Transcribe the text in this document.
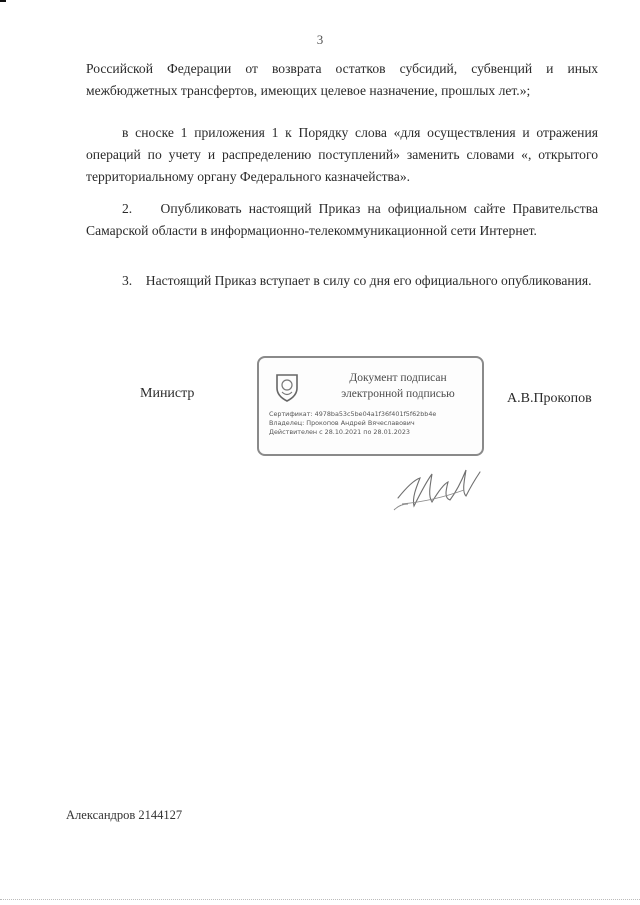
3
Российской Федерации от возврата остатков субсидий, субвенций и иных межбюджетных трансфертов, имеющих целевое назначение, прошлых лет.»;
в сноске 1 приложения 1 к Порядку слова «для осуществления и отражения операций по учету и распределению поступлений» заменить словами «, открытого территориальному органу Федерального казначейства».
2.    Опубликовать настоящий Приказ на официальном сайте Правительства Самарской области в информационно-телекоммуникационной сети Интернет.
3.    Настоящий Приказ вступает в силу со дня его официального опубликования.
Министр
Документ подписан электронной подписью
Сертификат: 4978ba53c5be04a1f36f401f5f62bb4e
Владелец: Прокопов Андрей Вячеславович
Действителен с 28.10.2021 по 28.01.2023
А.В.Прокопов
Александров 2144127
